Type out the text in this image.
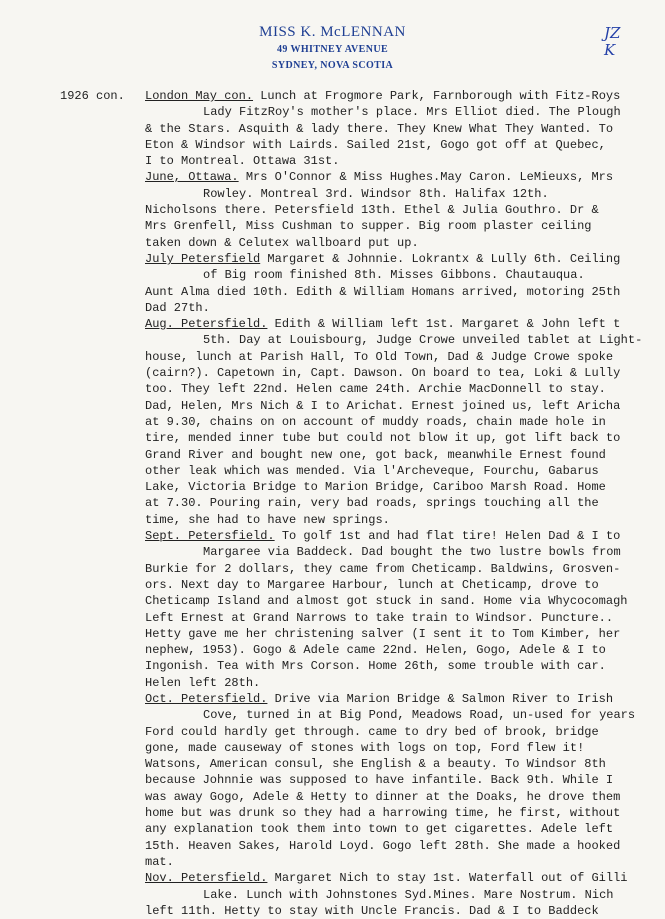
MISS K. McLENNAN
49 WHITNEY AVENUE
SYDNEY, NOVA SCOTIA
JZ
K
1926 con. London May con. Lunch at Frogmore Park, Farnborough with Fitz-Roys
Lady FitzRoy's mother's place. Mrs Elliot died. The Plough
& the Stars. Asquith & lady there. They Knew What They Wanted. To
Eton & Windsor with Lairds. Sailed 21st, Gogo got off at Quebec,
I to Montreal. Ottawa 31st.
June, Ottawa. Mrs O'Connor & Miss Hughes.May Caron. LeMieuxs, Mrs
Rowley. Montreal 3rd. Windsor 8th. Halifax 12th.
Nicholsons there. Petersfield 13th. Ethel & Julia Gouthro. Dr &
Mrs Grenfell, Miss Cushman to supper. Big room plaster ceiling
taken down & Celutex wallboard put up.
July Petersfield Margaret & Johnnie. Lokrantx & Lully 6th. Ceiling
of Big room finished 8th. Misses Gibbons. Chautauqua.
Aunt Alma died 10th. Edith & William Homans arrived, motoring 25th
Dad 27th.
Aug. Petersfield. Edith & William left 1st. Margaret & John left t
5th. Day at Louisbourg, Judge Crowe unveiled tablet at Light-
house, lunch at Parish Hall, To Old Town, Dad & Judge Crowe spoke
(cairn?). Capetown in, Capt. Dawson. On board to tea, Loki & Lully
too. They left 22nd. Helen came 24th. Archie MacDonnell to stay.
Dad, Helen, Mrs Nich & I to Arichat. Ernest joined us, left Aricha
at 9.30, chains on on account of muddy roads, chain made hole in
tire, mended inner tube but could not blow it up, got lift back to
Grand River and bought new one, got back, meanwhile Ernest found
other leak which was mended. Via l'Archeveque, Fourchu, Gabarus
Lake, Victoria Bridge to Marion Bridge, Cariboo Marsh Road. Home
at 7.30. Pouring rain, very bad roads, springs touching all the
time, she had to have new springs.
Sept. Petersfield. To golf 1st and had flat tire! Helen Dad & I to
Margaree via Baddeck. Dad bought the two lustre bowls from
Burkie for 2 dollars, they came from Cheticamp. Baldwins, Grosven-
ors. Next day to Margaree Harbour, lunch at Cheticamp, drove to
Cheticamp Island and almost got stuck in sand. Home via Whycocomagh
Left Ernest at Grand Narrows to take train to Windsor. Puncture..
Hetty gave me her christening salver (I sent it to Tom Kimber, her
nephew, 1953). Gogo & Adele came 22nd. Helen, Gogo, Adele & I to
Ingonish. Tea with Mrs Corson. Home 26th, some trouble with car.
Helen left 28th.
Oct. Petersfield. Drive via Marion Bridge & Salmon River to Irish
Cove, turned in at Big Pond, Meadows Road, un-used for years
Ford could hardly get through. came to dry bed of brook, bridge
gone, made causeway of stones with logs on top, Ford flew it!
Watsons, American consul, she English & a beauty. To Windsor 8th
because Johnnie was supposed to have infantile. Back 9th. While I
was away Gogo, Adele & Hetty to dinner at the Doaks, he drove them
home but was drunk so they had a harrowing time, he first, without
any explanation took them into town to get cigarettes. Adele left
15th. Heaven Sakes, Harold Loyd. Gogo left 28th. She made a hooked
mat.
Nov. Petersfield. Margaret Nich to stay 1st. Waterfall out of Gilli
Lake. Lunch with Johnstones Syd.Mines. Mare Nostrum. Nich
left 11th. Hetty to stay with Uncle Francis. Dad & I to Baddeck
